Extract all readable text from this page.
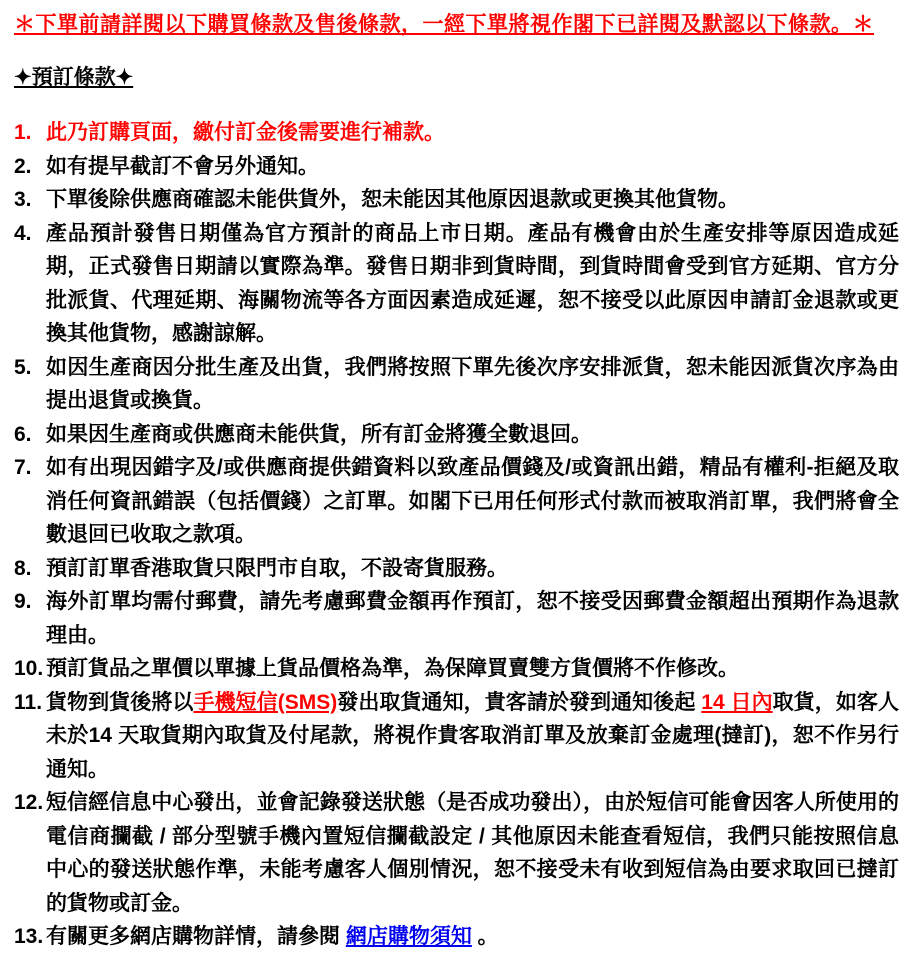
＊下單前請詳閱以下購買條款及售後條款，一經下單將視作閣下已詳閱及默認以下條款。＊
✦預訂條款✦
1. 此乃訂購頁面，繳付訂金後需要進行補款。
2. 如有提早截訂不會另外通知。
3. 下單後除供應商確認未能供貨外，恕未能因其他原因退款或更換其他貨物。
4. 產品預計發售日期僅為官方預計的商品上市日期。產品有機會由於生產安排等原因造成延期，正式發售日期請以實際為準。發售日期非到貨時間，到貨時間會受到官方延期、官方分批派貨、代理延期、海關物流等各方面因素造成延遲，恕不接受以此原因申請訂金退款或更換其他貨物，感謝諒解。
5. 如因生產商因分批生產及出貨，我們將按照下單先後次序安排派貨，恕未能因派貨次序為由提出退貨或換貨。
6. 如果因生產商或供應商未能供貨，所有訂金將獲全數退回。
7. 如有出現因錯字及/或供應商提供錯資料以致產品價錢及/或資訊出錯，精品有權利-拒絕及取消任何資訊錯誤（包括價錢）之訂單。如閣下已用任何形式付款而被取消訂單，我們將會全數退回已收取之款項。
8. 預訂訂單香港取貨只限門市自取，不設寄貨服務。
9. 海外訂單均需付郵費，請先考慮郵費金額再作預訂，恕不接受因郵費金額超出預期作為退款理由。
10. 預訂貨品之單價以單據上貨品價格為準，為保障買賣雙方貨價將不作修改。
11. 貨物到貨後將以手機短信(SMS)發出取貨通知，貴客請於發到通知後起 14 日內取貨，如客人未於14 天取貨期內取貨及付尾款，將視作貴客取消訂單及放棄訂金處理(撻訂)，恕不作另行通知。
12. 短信經信息中心發出，並會記錄發送狀態（是否成功發出），由於短信可能會因客人所使用的電信商攔截 / 部分型號手機內置短信攔截設定 / 其他原因未能查看短信，我們只能按照信息中心的發送狀態作準，未能考慮客人個別情況，恕不接受未有收到短信為由要求取回已撻訂的貨物或訂金。
13. 有關更多網店購物詳情，請參閱 網店購物須知 。
